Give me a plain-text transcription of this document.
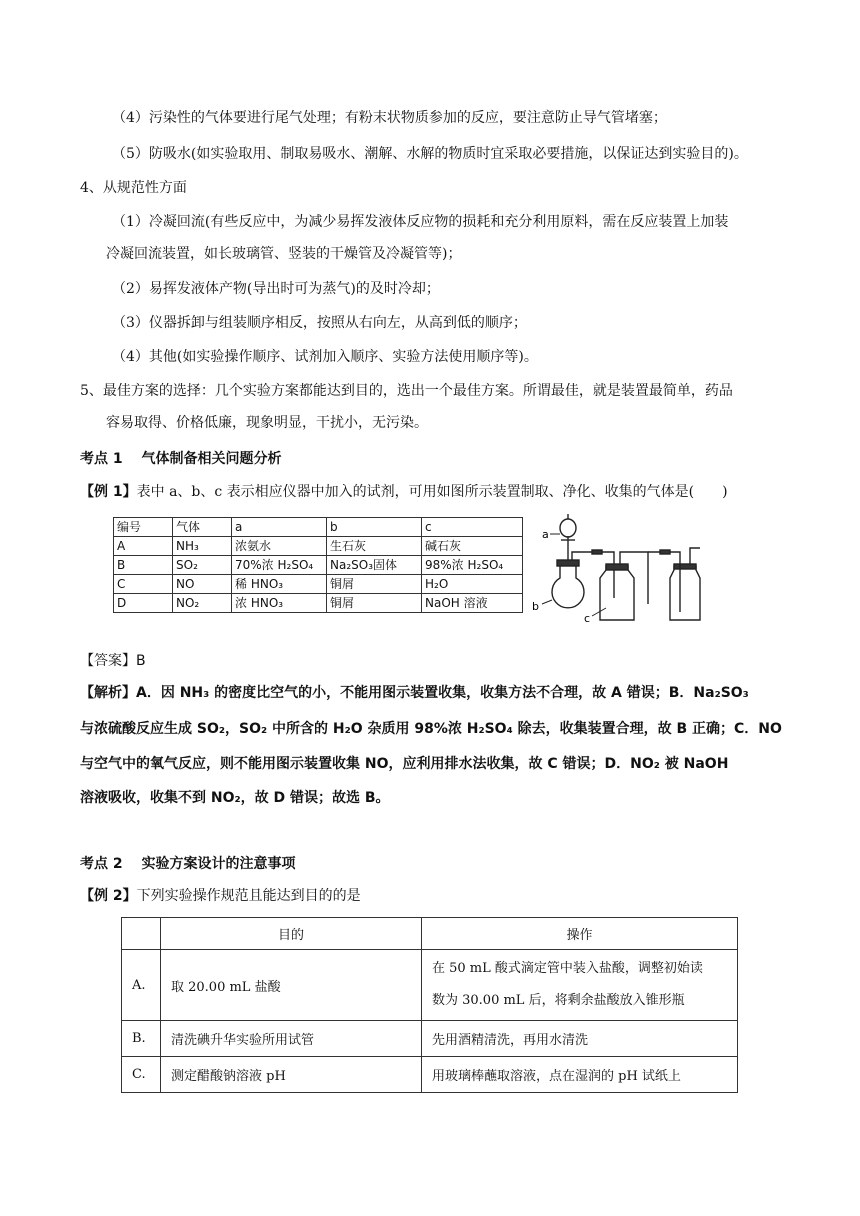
（4）污染性的气体要进行尾气处理；有粉末状物质参加的反应，要注意防止导气管堵塞；
（5）防吸水(如实验取用、制取易吸水、潮解、水解的物质时宜采取必要措施，以保证达到实验目的)。
4、从规范性方面
（1）冷凝回流(有些反应中，为减少易挥发液体反应物的损耗和充分利用原料，需在反应装置上加装
冷凝回流装置，如长玻璃管、竖装的干燥管及冷凝管等)；
（2）易挥发液体产物(导出时可为蒸气)的及时冷却；
（3）仪器拆卸与组装顺序相反，按照从右向左，从高到低的顺序；
（4）其他(如实验操作顺序、试剂加入顺序、实验方法使用顺序等)。
5、最佳方案的选择：几个实验方案都能达到目的，选出一个最佳方案。所谓最佳，就是装置最简单，药品
容易取得、价格低廉，现象明显，干扰小，无污染。
考点 1　 气体制备相关问题分析
【例 1】表中 a、b、c 表示相应仪器中加入的试剂，可用如图所示装置制取、净化、收集的气体是(　　)
编号	气体	a	b	c
A	NH₃	浓氨水	生石灰	碱石灰
B	SO₂	70%浓 H₂SO₄	Na₂SO₃固体	98%浓 H₂SO₄
C	NO	稀 HNO₃	铜屑	H₂O
D	NO₂	浓 HNO₃	铜屑	NaOH 溶液
a
b
c
【答案】B
【解析】A．因 NH₃ 的密度比空气的小，不能用图示装置收集，收集方法不合理，故 A 错误；B．Na₂SO₃
与浓硫酸反应生成 SO₂，SO₂ 中所含的 H₂O 杂质用 98%浓 H₂SO₄ 除去，收集装置合理，故 B 正确；C．NO
与空气中的氧气反应，则不能用图示装置收集 NO，应利用排水法收集，故 C 错误；D．NO₂ 被 NaOH
溶液吸收，收集不到 NO₂，故 D 错误；故选 B。
考点 2　 实验方案设计的注意事项
【例 2】下列实验操作规范且能达到目的的是
	目的	操作
A.	取 20.00 mL 盐酸	在 50 mL 酸式滴定管中装入盐酸，调整初始读
数为 30.00 mL 后，将剩余盐酸放入锥形瓶

B.	清洗碘升华实验所用试管	先用酒精清洗，再用水清洗
C.	测定醋酸钠溶液 pH	用玻璃棒蘸取溶液，点在湿润的 pH 试纸上
